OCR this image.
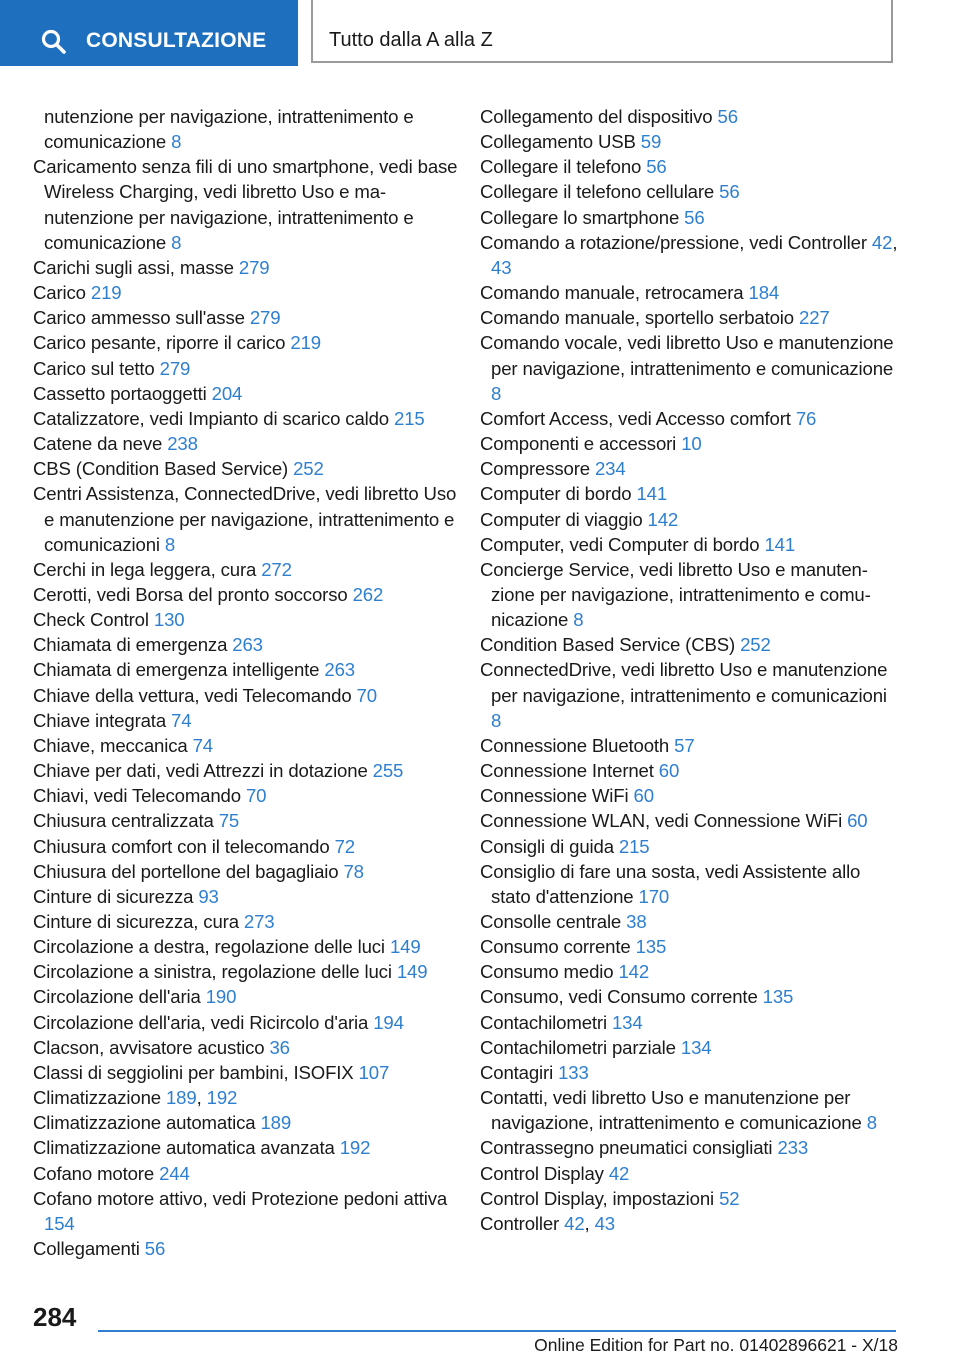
CONSULTAZIONE	Tutto dalla A alla Z
nutenzione per navigazione, intrattenimento e comunicazione 8
Caricamento senza fili di uno smartphone, vedi base Wireless Charging, vedi libretto Uso e manutenzione per navigazione, intrattenimento e comunicazione 8
Carichi sugli assi, masse 279
Carico 219
Carico ammesso sull'asse 279
Carico pesante, riporre il carico 219
Carico sul tetto 279
Cassetto portaoggetti 204
Catalizzatore, vedi Impianto di scarico caldo 215
Catene da neve 238
CBS (Condition Based Service) 252
Centri Assistenza, ConnectedDrive, vedi libretto Uso e manutenzione per navigazione, intrattenimento e comunicazioni 8
Cerchi in lega leggera, cura 272
Cerotti, vedi Borsa del pronto soccorso 262
Check Control 130
Chiamata di emergenza 263
Chiamata di emergenza intelligente 263
Chiave della vettura, vedi Telecomando 70
Chiave integrata 74
Chiave, meccanica 74
Chiave per dati, vedi Attrezzi in dotazione 255
Chiavi, vedi Telecomando 70
Chiusura centralizzata 75
Chiusura comfort con il telecomando 72
Chiusura del portellone del bagagliaio 78
Cinture di sicurezza 93
Cinture di sicurezza, cura 273
Circolazione a destra, regolazione delle luci 149
Circolazione a sinistra, regolazione delle luci 149
Circolazione dell'aria 190
Circolazione dell'aria, vedi Ricircolo d'aria 194
Clacson, avvisatore acustico 36
Classi di seggiolini per bambini, ISOFIX 107
Climatizzazione 189, 192
Climatizzazione automatica 189
Climatizzazione automatica avanzata 192
Cofano motore 244
Cofano motore attivo, vedi Protezione pedoni attiva 154
Collegamenti 56
Collegamento del dispositivo 56
Collegamento USB 59
Collegare il telefono 56
Collegare il telefono cellulare 56
Collegare lo smartphone 56
Comando a rotazione/pressione, vedi Controller 42, 43
Comando manuale, retrocamera 184
Comando manuale, sportello serbatoio 227
Comando vocale, vedi libretto Uso e manutenzione per navigazione, intrattenimento e comunicazione 8
Comfort Access, vedi Accesso comfort 76
Componenti e accessori 10
Compressore 234
Computer di bordo 141
Computer di viaggio 142
Computer, vedi Computer di bordo 141
Concierge Service, vedi libretto Uso e manutenzione per navigazione, intrattenimento e comunicazione 8
Condition Based Service (CBS) 252
ConnectedDrive, vedi libretto Uso e manutenzione per navigazione, intrattenimento e comunicazioni 8
Connessione Bluetooth 57
Connessione Internet 60
Connessione WiFi 60
Connessione WLAN, vedi Connessione WiFi 60
Consigli di guida 215
Consiglio di fare una sosta, vedi Assistente allo stato d'attenzione 170
Consolle centrale 38
Consumo corrente 135
Consumo medio 142
Consumo, vedi Consumo corrente 135
Contachilometri 134
Contachilometri parziale 134
Contagiri 133
Contatti, vedi libretto Uso e manutenzione per navigazione, intrattenimento e comunicazione 8
Contrassegno pneumatici consigliati 233
Control Display 42
Control Display, impostazioni 52
Controller 42, 43
284
Online Edition for Part no. 01402896621 - X/18
